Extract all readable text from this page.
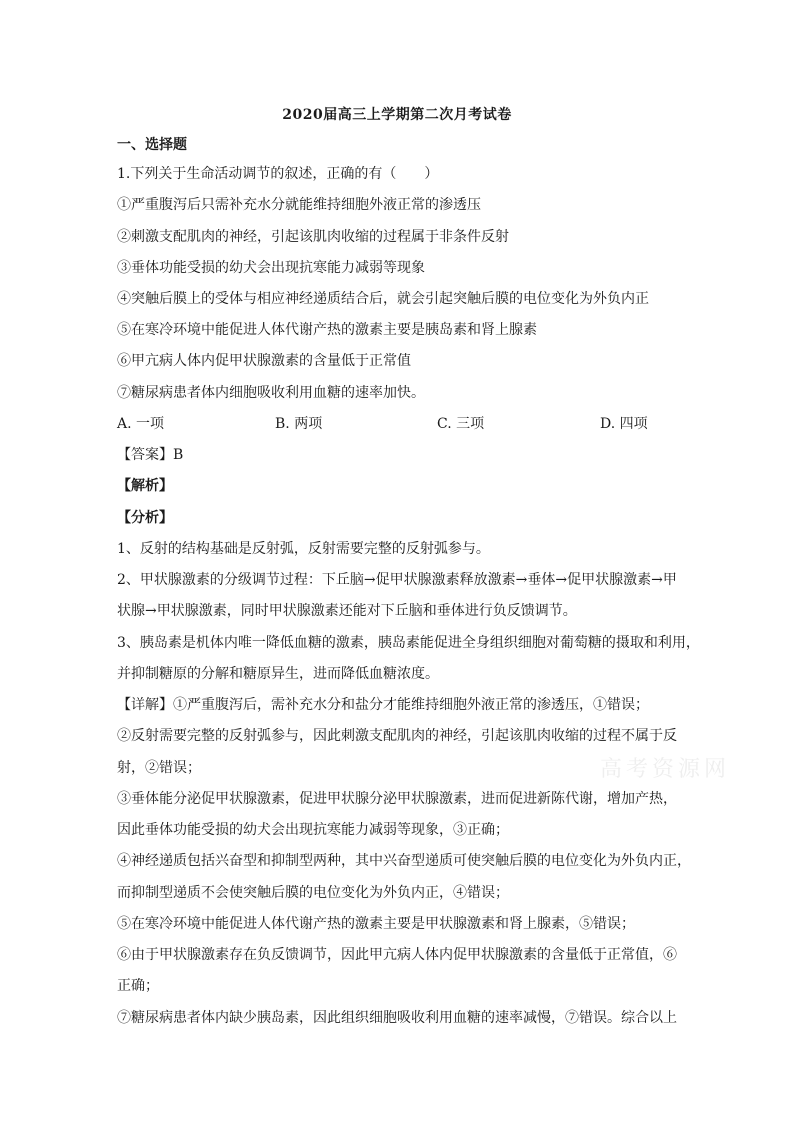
2020届高三上学期第二次月考试卷
一、选择题
1.下列关于生命活动调节的叙述，正确的有（　　）
①严重腹泻后只需补充水分就能维持细胞外液正常的渗透压
②刺激支配肌肉的神经，引起该肌肉收缩的过程属于非条件反射
③垂体功能受损的幼犬会出现抗寒能力减弱等现象
④突触后膜上的受体与相应神经递质结合后，就会引起突触后膜的电位变化为外负内正
⑤在寒冷环境中能促进人体代谢产热的激素主要是胰岛素和肾上腺素
⑥甲亢病人体内促甲状腺激素的含量低于正常值
⑦糖尿病患者体内细胞吸收利用血糖的速率加快。
A. 一项	B. 两项	C. 三项	D. 四项
【答案】B
【解析】
【分析】
1、反射的结构基础是反射弧，反射需要完整的反射弧参与。
2、甲状腺激素的分级调节过程：下丘脑→促甲状腺激素释放激素→垂体→促甲状腺激素→甲
状腺→甲状腺激素，同时甲状腺激素还能对下丘脑和垂体进行负反馈调节。
3、胰岛素是机体内唯一降低血糖的激素，胰岛素能促进全身组织细胞对葡萄糖的摄取和利用，
并抑制糖原的分解和糖原异生，进而降低血糖浓度。
【详解】①严重腹泻后，需补充水分和盐分才能维持细胞外液正常的渗透压，①错误；
②反射需要完整的反射弧参与，因此刺激支配肌肉的神经，引起该肌肉收缩的过程不属于反
射，②错误；
③垂体能分泌促甲状腺激素，促进甲状腺分泌甲状腺激素，进而促进新陈代谢，增加产热，
因此垂体功能受损的幼犬会出现抗寒能力减弱等现象，③正确；
④神经递质包括兴奋型和抑制型两种，其中兴奋型递质可使突触后膜的电位变化为外负内正，
而抑制型递质不会使突触后膜的电位变化为外负内正，④错误；
⑤在寒冷环境中能促进人体代谢产热的激素主要是甲状腺激素和肾上腺素，⑤错误；
⑥由于甲状腺激素存在负反馈调节，因此甲亢病人体内促甲状腺激素的含量低于正常值，⑥
正确；
⑦糖尿病患者体内缺少胰岛素，因此组织细胞吸收利用血糖的速率减慢，⑦错误。综合以上
高考资源网
